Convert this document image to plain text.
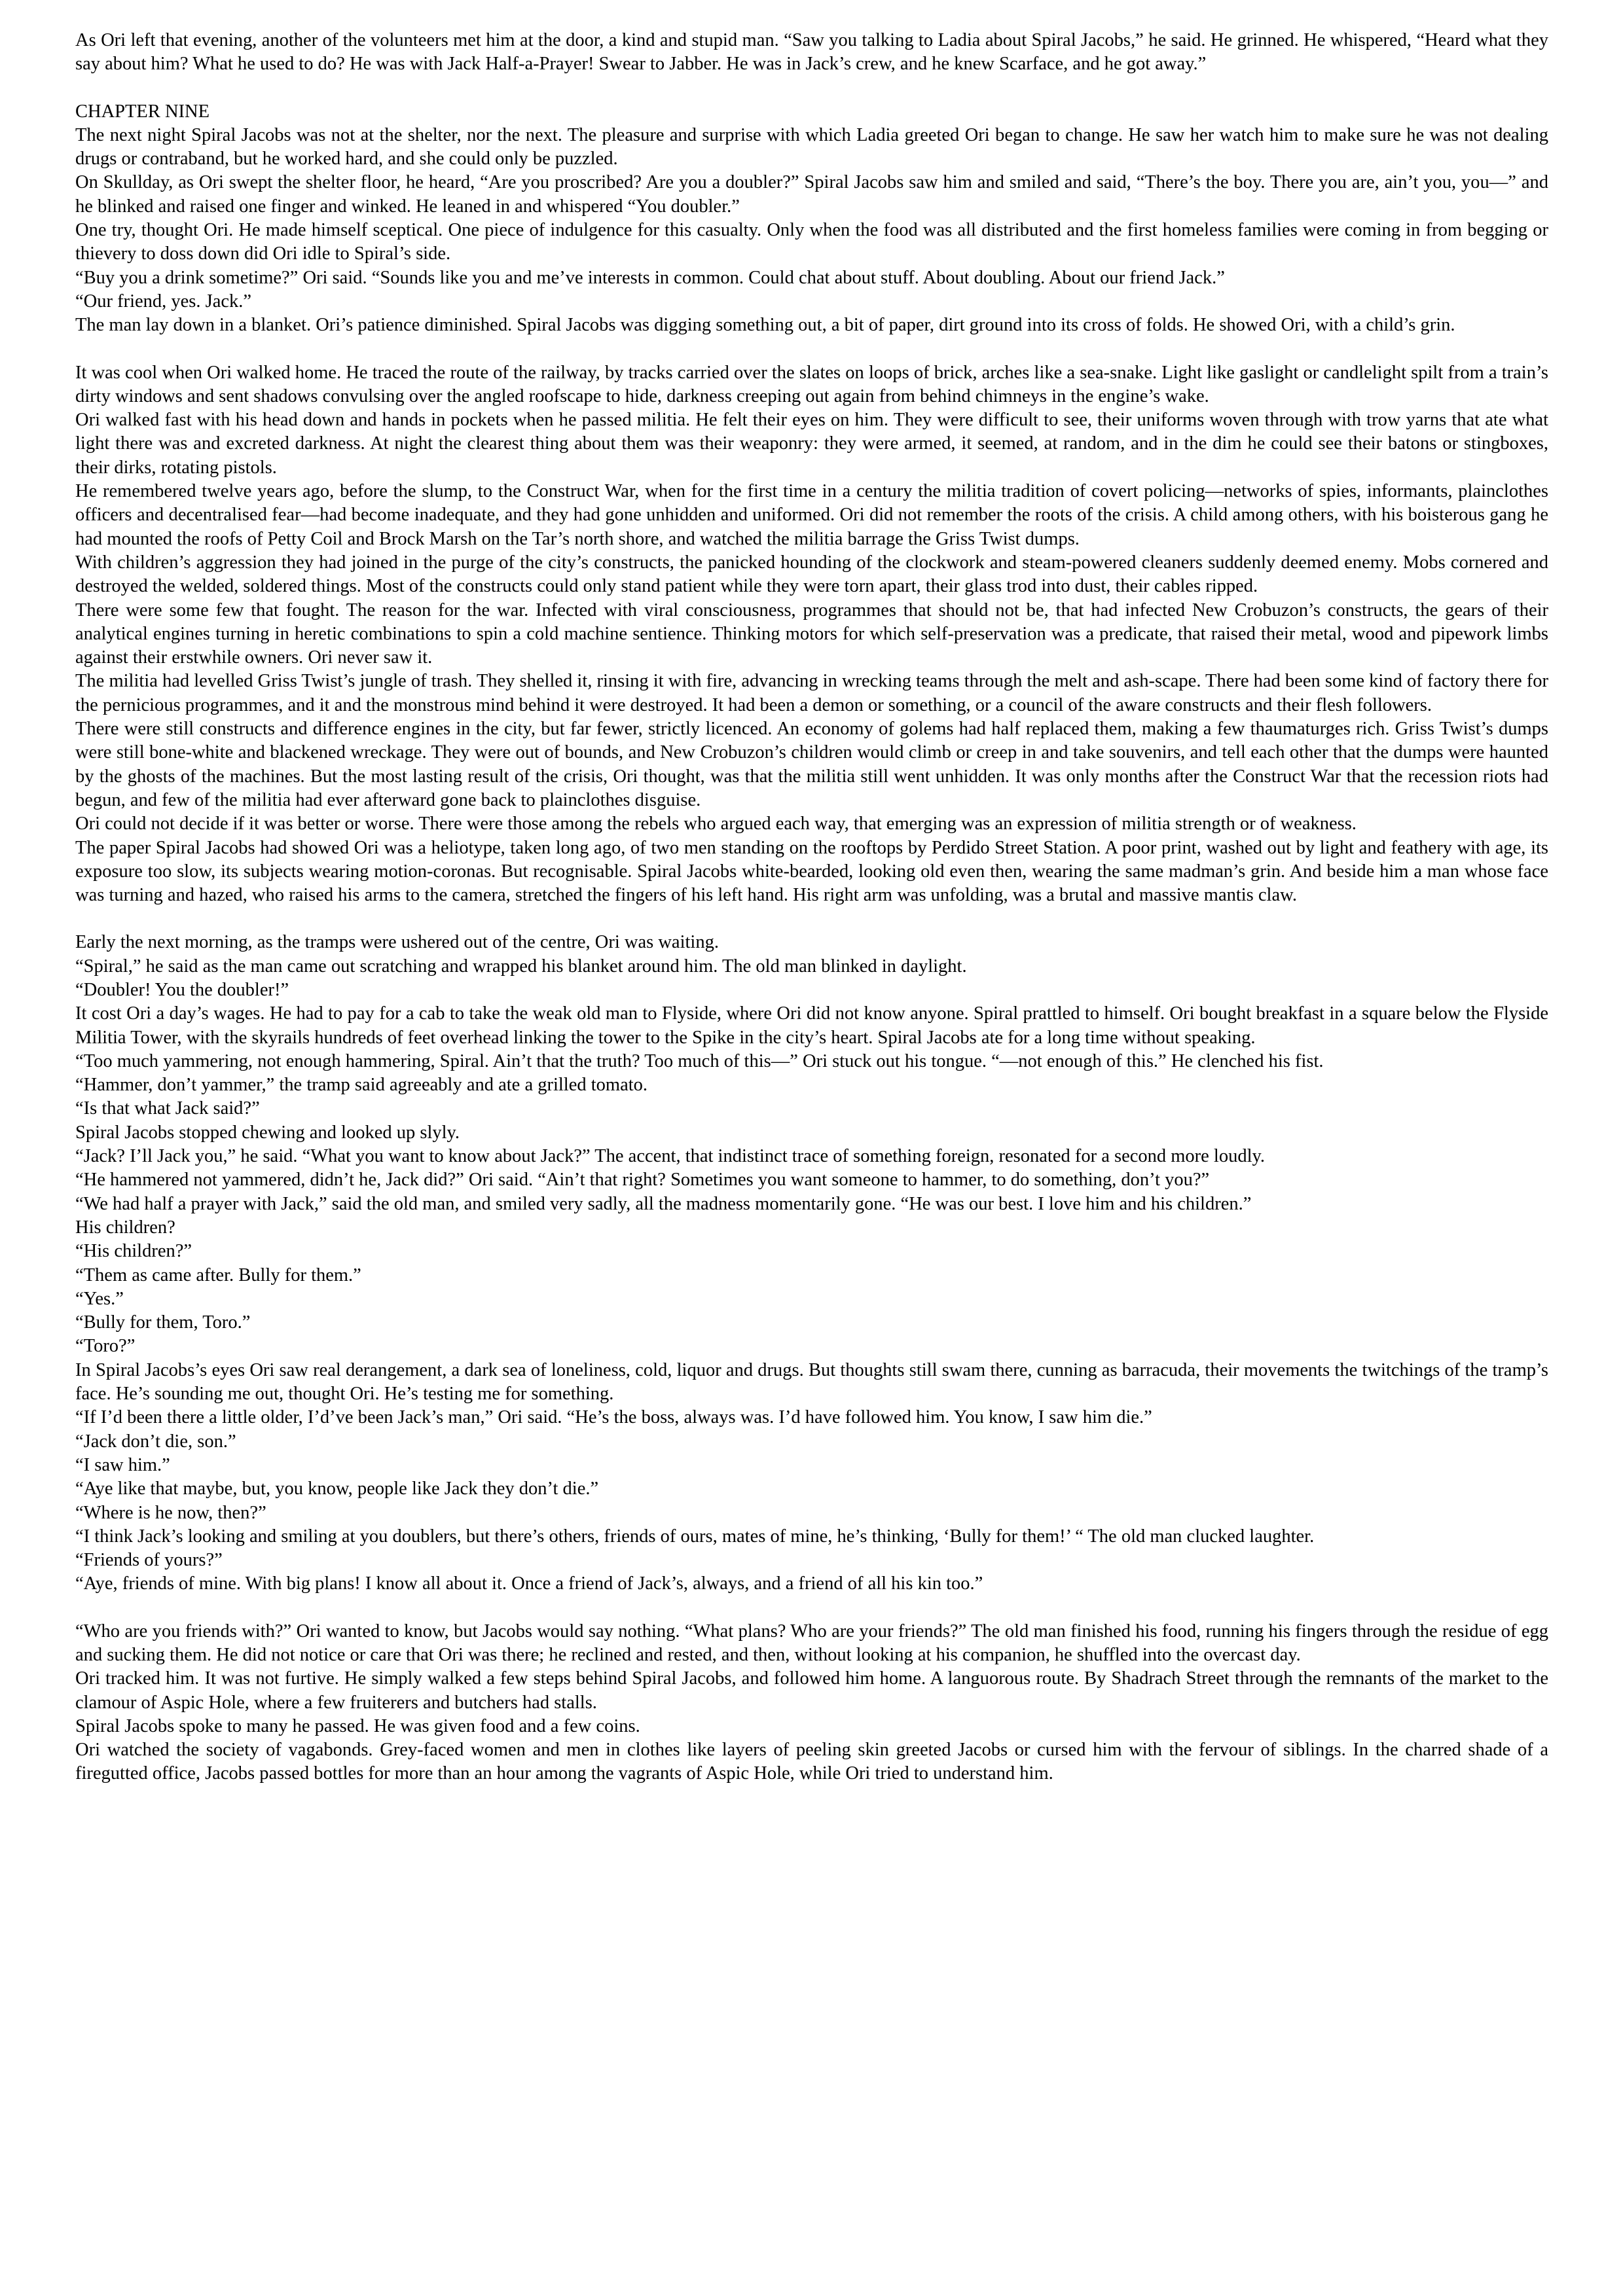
As Ori left that evening, another of the volunteers met him at the door, a kind and stupid man. “Saw you talking to Ladia about Spiral Jacobs,” he said. He grinned. He whispered, “Heard what they say about him? What he used to do? He was with Jack Half-a-Prayer! Swear to Jabber. He was in Jack’s crew, and he knew Scarface, and he got away.”

CHAPTER NINE

The next night Spiral Jacobs was not at the shelter, nor the next. The pleasure and surprise with which Ladia greeted Ori began to change. He saw her watch him to make sure he was not dealing drugs or contraband, but he worked hard, and she could only be puzzled.

On Skullday, as Ori swept the shelter floor, he heard, “Are you proscribed? Are you a doubler?” Spiral Jacobs saw him and smiled and said, “There’s the boy. There you are, ain’t you, you—” and he blinked and raised one finger and winked. He leaned in and whispered “You doubler.”

One try, thought Ori. He made himself sceptical. One piece of indulgence for this casualty. Only when the food was all distributed and the first homeless families were coming in from begging or thievery to doss down did Ori idle to Spiral’s side.

“Buy you a drink sometime?” Ori said. “Sounds like you and me’ve interests in common. Could chat about stuff. About doubling. About our friend Jack.”

“Our friend, yes. Jack.”

The man lay down in a blanket. Ori’s patience diminished. Spiral Jacobs was digging something out, a bit of paper, dirt ground into its cross of folds. He showed Ori, with a child’s grin.

It was cool when Ori walked home. He traced the route of the railway, by tracks carried over the slates on loops of brick, arches like a sea-snake. Light like gaslight or candlelight spilt from a train’s dirty windows and sent shadows convulsing over the angled roofscape to hide, darkness creeping out again from behind chimneys in the engine’s wake.

Ori walked fast with his head down and hands in pockets when he passed militia. He felt their eyes on him. They were difficult to see, their uniforms woven through with trow yarns that ate what light there was and excreted darkness. At night the clearest thing about them was their weaponry: they were armed, it seemed, at random, and in the dim he could see their batons or stingboxes, their dirks, rotating pistols.

He remembered twelve years ago, before the slump, to the Construct War, when for the first time in a century the militia tradition of covert policing—networks of spies, informants, plainclothes officers and decentralised fear—had become inadequate, and they had gone unhidden and uniformed. Ori did not remember the roots of the crisis. A child among others, with his boisterous gang he had mounted the roofs of Petty Coil and Brock Marsh on the Tar’s north shore, and watched the militia barrage the Griss Twist dumps.

With children’s aggression they had joined in the purge of the city’s constructs, the panicked hounding of the clockwork and steam-powered cleaners suddenly deemed enemy. Mobs cornered and destroyed the welded, soldered things. Most of the constructs could only stand patient while they were torn apart, their glass trod into dust, their cables ripped.

There were some few that fought. The reason for the war. Infected with viral consciousness, programmes that should not be, that had infected New Crobuzon’s constructs, the gears of their analytical engines turning in heretic combinations to spin a cold machine sentience. Thinking motors for which self-preservation was a predicate, that raised their metal, wood and pipework limbs against their erstwhile owners. Ori never saw it.

The militia had levelled Griss Twist’s jungle of trash. They shelled it, rinsing it with fire, advancing in wrecking teams through the melt and ash-scape. There had been some kind of factory there for the pernicious programmes, and it and the monstrous mind behind it were destroyed. It had been a demon or something, or a council of the aware constructs and their flesh followers.

There were still constructs and difference engines in the city, but far fewer, strictly licenced. An economy of golems had half replaced them, making a few thaumaturges rich. Griss Twist’s dumps were still bone-white and blackened wreckage. They were out of bounds, and New Crobuzon’s children would climb or creep in and take souvenirs, and tell each other that the dumps were haunted by the ghosts of the machines. But the most lasting result of the crisis, Ori thought, was that the militia still went unhidden. It was only months after the Construct War that the recession riots had begun, and few of the militia had ever afterward gone back to plainclothes disguise.

Ori could not decide if it was better or worse. There were those among the rebels who argued each way, that emerging was an expression of militia strength or of weakness.

The paper Spiral Jacobs had showed Ori was a heliotype, taken long ago, of two men standing on the rooftops by Perdido Street Station. A poor print, washed out by light and feathery with age, its exposure too slow, its subjects wearing motion-coronas. But recognisable. Spiral Jacobs white-bearded, looking old even then, wearing the same madman’s grin. And beside him a man whose face was turning and hazed, who raised his arms to the camera, stretched the fingers of his left hand. His right arm was unfolding, was a brutal and massive mantis claw.

Early the next morning, as the tramps were ushered out of the centre, Ori was waiting.

“Spiral,” he said as the man came out scratching and wrapped his blanket around him. The old man blinked in daylight.

“Doubler! You the doubler!”

It cost Ori a day’s wages. He had to pay for a cab to take the weak old man to Flyside, where Ori did not know anyone. Spiral prattled to himself. Ori bought breakfast in a square below the Flyside Militia Tower, with the skyrails hundreds of feet overhead linking the tower to the Spike in the city’s heart. Spiral Jacobs ate for a long time without speaking.

“Too much yammering, not enough hammering, Spiral. Ain’t that the truth? Too much of this—” Ori stuck out his tongue. “—not enough of this.” He clenched his fist.

“Hammer, don’t yammer,” the tramp said agreeably and ate a grilled tomato.

“Is that what Jack said?”

Spiral Jacobs stopped chewing and looked up slyly.

“Jack? I’ll Jack you,” he said. “What you want to know about Jack?” The accent, that indistinct trace of something foreign, resonated for a second more loudly.

“He hammered not yammered, didn’t he, Jack did?” Ori said. “Ain’t that right? Sometimes you want someone to hammer, to do something, don’t you?”

“We had half a prayer with Jack,” said the old man, and smiled very sadly, all the madness momentarily gone. “He was our best. I love him and his children.”

His children?

“His children?”

“Them as came after. Bully for them.”

“Yes.”

“Bully for them, Toro.”

“Toro?”

In Spiral Jacobs’s eyes Ori saw real derangement, a dark sea of loneliness, cold, liquor and drugs. But thoughts still swam there, cunning as barracuda, their movements the twitchings of the tramp’s face. He’s sounding me out, thought Ori. He’s testing me for something.

“If I’d been there a little older, I’d’ve been Jack’s man,” Ori said. “He’s the boss, always was. I’d have followed him. You know, I saw him die.”

“Jack don’t die, son.”

“I saw him.”

“Aye like that maybe, but, you know, people like Jack they don’t die.”

“Where is he now, then?”

“I think Jack’s looking and smiling at you doublers, but there’s others, friends of ours, mates of mine, he’s thinking, ‘Bully for them!’ “ The old man clucked laughter.

“Friends of yours?”

“Aye, friends of mine. With big plans! I know all about it. Once a friend of Jack’s, always, and a friend of all his kin too.”

“Who are you friends with?” Ori wanted to know, but Jacobs would say nothing. “What plans? Who are your friends?” The old man finished his food, running his fingers through the residue of egg and sucking them. He did not notice or care that Ori was there; he reclined and rested, and then, without looking at his companion, he shuffled into the overcast day.

Ori tracked him. It was not furtive. He simply walked a few steps behind Spiral Jacobs, and followed him home. A languorous route. By Shadrach Street through the remnants of the market to the clamour of Aspic Hole, where a few fruiterers and butchers had stalls.

Spiral Jacobs spoke to many he passed. He was given food and a few coins.

Ori watched the society of vagabonds. Grey-faced women and men in clothes like layers of peeling skin greeted Jacobs or cursed him with the fervour of siblings. In the charred shade of a firegutted office, Jacobs passed bottles for more than an hour among the vagrants of Aspic Hole, while Ori tried to understand him.
